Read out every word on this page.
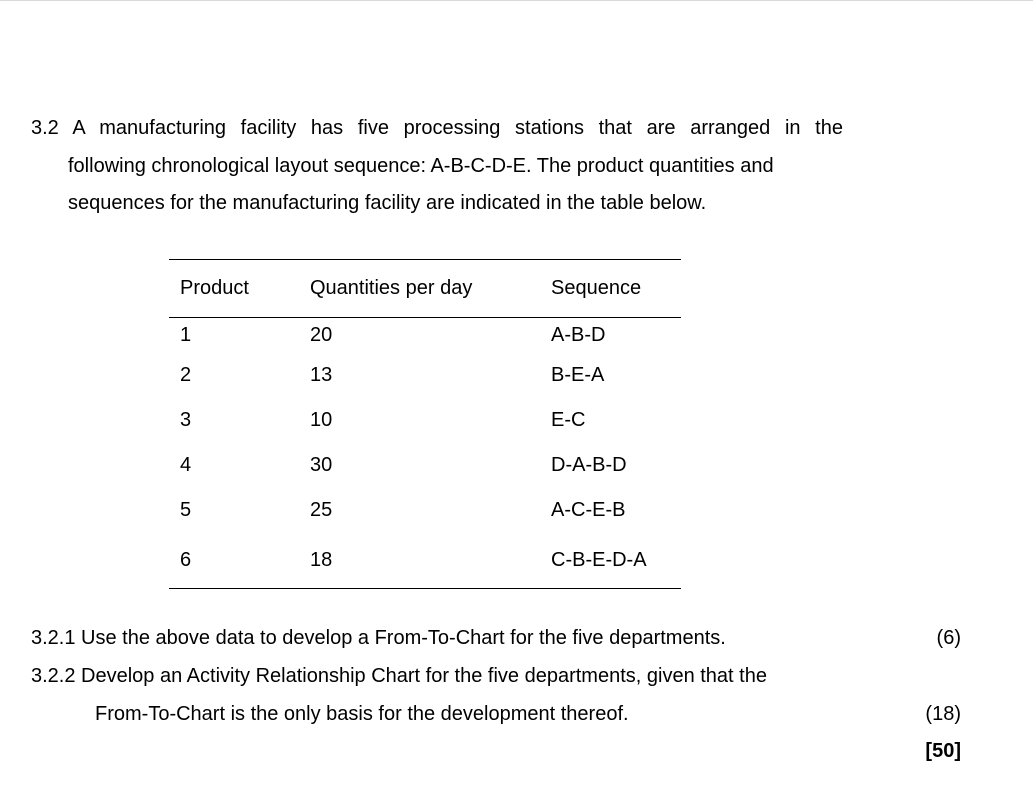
3.2 A manufacturing facility has five processing stations that are arranged in the
following chronological layout sequence: A-B-C-D-E. The product quantities and
sequences for the manufacturing facility are indicated in the table below.
Product	Quantities per day	Sequence
1	20	A-B-D
2	13	B-E-A
3	10	E-C
4	30	D-A-B-D
5	25	A-C-E-B
6	18	C-B-E-D-A

3.2.1 Use the above data to develop a From-To-Chart for the five departments.	(6)

3.2.2 Develop an Activity Relationship Chart for the five departments, given that the

From-To-Chart is the only basis for the development thereof.	(18)

[50]
